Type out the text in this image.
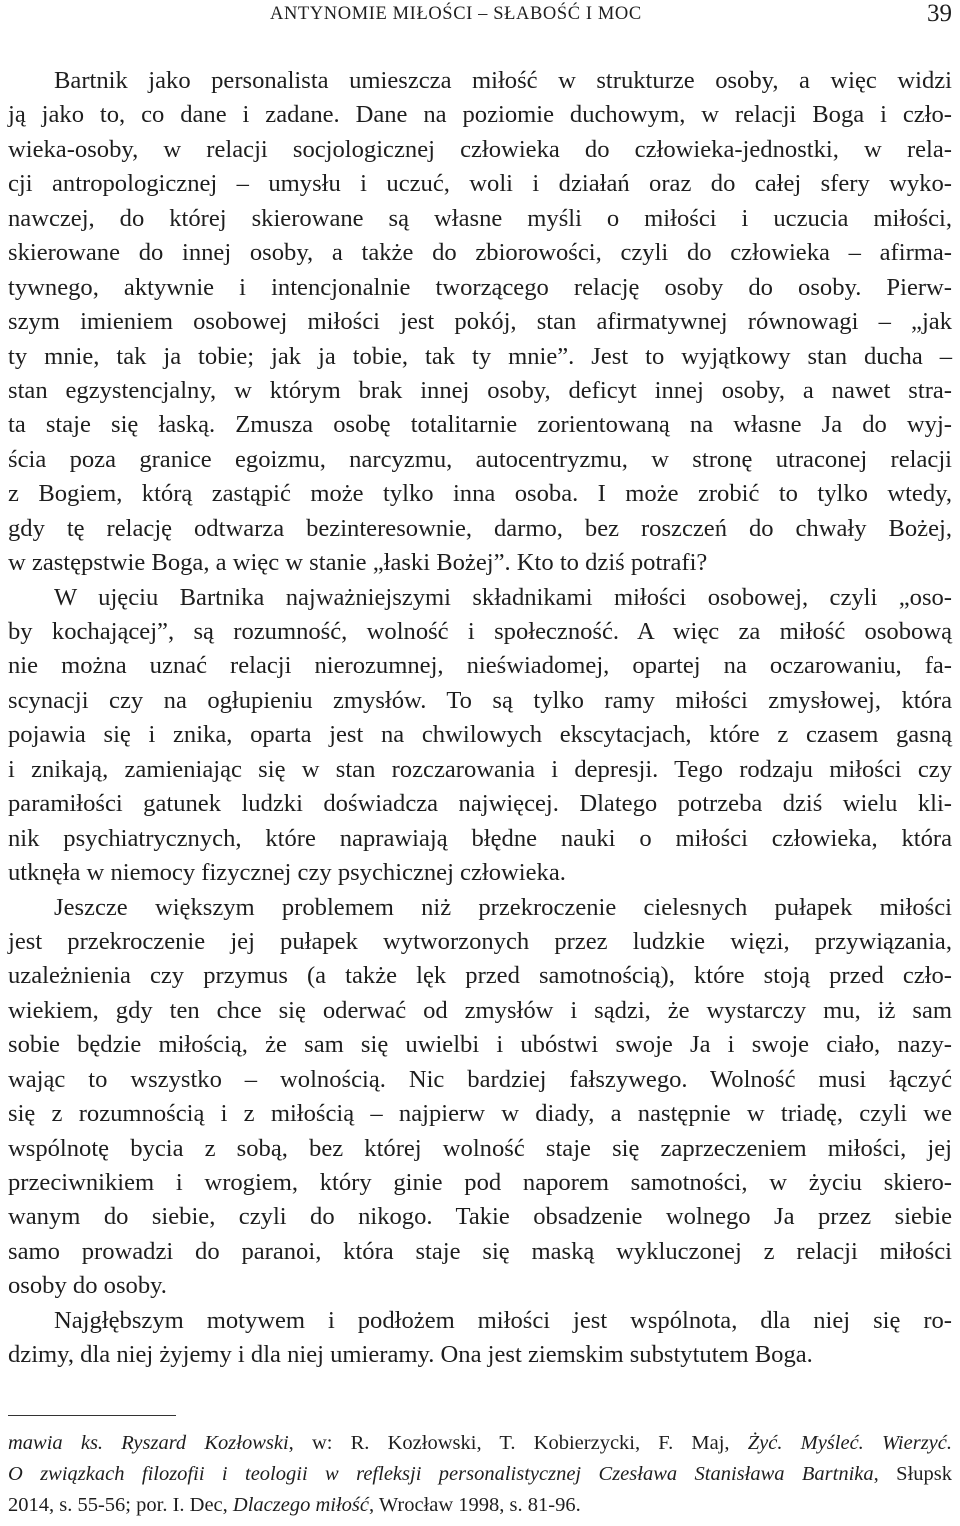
ANTYNOMIE MIŁOŚCI – SŁABOŚĆ I MOC	39
Bartnik jako personalista umieszcza miłość w strukturze osoby, a więc widzi
ją jako to, co dane i zadane. Dane na poziomie duchowym, w relacji Boga i czło-
wieka-osoby, w relacji socjologicznej człowieka do człowieka-jednostki, w rela-
cji antropologicznej – umysłu i uczuć, woli i działań oraz do całej sfery wyko-
nawczej, do której skierowane są własne myśli o miłości i uczucia miłości,
skierowane do innej osoby, a także do zbiorowości, czyli do człowieka – afirma-
tywnego, aktywnie i intencjonalnie tworzącego relację osoby do osoby. Pierw-
szym imieniem osobowej miłości jest pokój, stan afirmatywnej równowagi – „jak
ty mnie, tak ja tobie; jak ja tobie, tak ty mnie”. Jest to wyjątkowy stan ducha –
stan egzystencjalny, w którym brak innej osoby, deficyt innej osoby, a nawet stra-
ta staje się łaską. Zmusza osobę totalitarnie zorientowaną na własne Ja do wyj-
ścia poza granice egoizmu, narcyzmu, autocentryzmu, w stronę utraconej relacji
z Bogiem, którą zastąpić może tylko inna osoba. I może zrobić to tylko wtedy,
gdy tę relację odtwarza bezinteresownie, darmo, bez roszczeń do chwały Bożej,
w zastępstwie Boga, a więc w stanie „łaski Bożej”. Kto to dziś potrafi?
W ujęciu Bartnika najważniejszymi składnikami miłości osobowej, czyli „oso-
by kochającej”, są rozumność, wolność i społeczność. A więc za miłość osobową
nie można uznać relacji nierozumnej, nieświadomej, opartej na oczarowaniu, fa-
scynacji czy na ogłupieniu zmysłów. To są tylko ramy miłości zmysłowej, która
pojawia się i znika, oparta jest na chwilowych ekscytacjach, które z czasem gasną
i znikają, zamieniając się w stan rozczarowania i depresji. Tego rodzaju miłości czy
paramiłości gatunek ludzki doświadcza najwięcej. Dlatego potrzeba dziś wielu kli-
nik psychiatrycznych, które naprawiają błędne nauki o miłości człowieka, która
utknęła w niemocy fizycznej czy psychicznej człowieka.
Jeszcze większym problemem niż przekroczenie cielesnych pułapek miłości
jest przekroczenie jej pułapek wytworzonych przez ludzkie więzi, przywiązania,
uzależnienia czy przymus (a także lęk przed samotnością), które stoją przed czło-
wiekiem, gdy ten chce się oderwać od zmysłów i sądzi, że wystarczy mu, iż sam
sobie będzie miłością, że sam się uwielbi i ubóstwi swoje Ja i swoje ciało, nazy-
wając to wszystko – wolnością. Nic bardziej fałszywego. Wolność musi łączyć
się z rozumnością i z miłością – najpierw w diady, a następnie w triadę, czyli we
wspólnotę bycia z sobą, bez której wolność staje się zaprzeczeniem miłości, jej
przeciwnikiem i wrogiem, który ginie pod naporem samotności, w życiu skiero-
wanym do siebie, czyli do nikogo. Takie obsadzenie wolnego Ja przez siebie
samo prowadzi do paranoi, która staje się maską wykluczonej z relacji miłości
osoby do osoby.
Najgłębszym motywem i podłożem miłości jest wspólnota, dla niej się ro-
dzimy, dla niej żyjemy i dla niej umieramy. Ona jest ziemskim substytutem Boga.
mawia ks. Ryszard Kozłowski, w: R. Kozłowski, T. Kobierzycki, F. Maj, Żyć. Myśleć. Wierzyć.
O związkach filozofii i teologii w refleksji personalistycznej Czesława Stanisława Bartnika, Słupsk
2014, s. 55-56; por. I. Dec, Dlaczego miłość, Wrocław 1998, s. 81-96.
